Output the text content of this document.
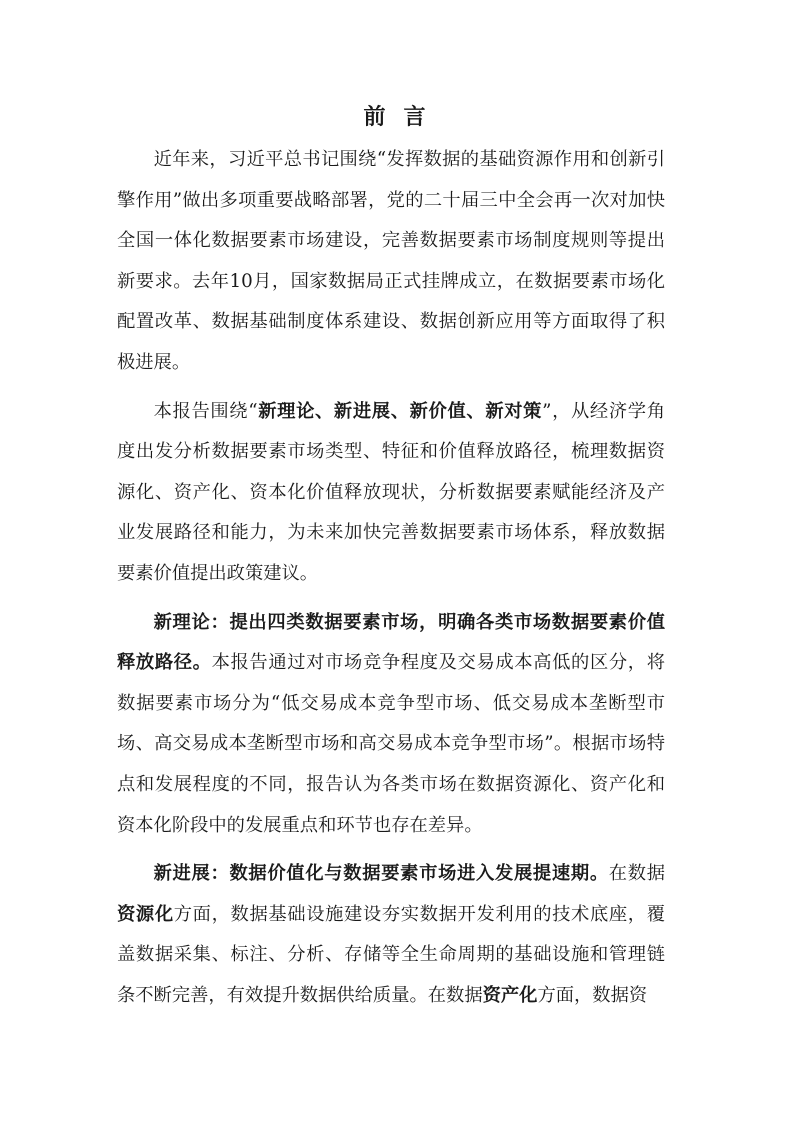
前言

近年来，习近平总书记围绕“发挥数据的基础资源作用和创新引擎作用”做出多项重要战略部署，党的二十届三中全会再一次对加快全国一体化数据要素市场建设，完善数据要素市场制度规则等提出新要求。去年10月，国家数据局正式挂牌成立，在数据要素市场化配置改革、数据基础制度体系建设、数据创新应用等方面取得了积极进展。

本报告围绕“新理论、新进展、新价值、新对策”，从经济学角度出发分析数据要素市场类型、特征和价值释放路径，梳理数据资源化、资产化、资本化价值释放现状，分析数据要素赋能经济及产业发展路径和能力，为未来加快完善数据要素市场体系，释放数据要素价值提出政策建议。

新理论：提出四类数据要素市场，明确各类市场数据要素价值释放路径。本报告通过对市场竞争程度及交易成本高低的区分，将数据要素市场分为“低交易成本竞争型市场、低交易成本垄断型市场、高交易成本垄断型市场和高交易成本竞争型市场”。根据市场特点和发展程度的不同，报告认为各类市场在数据资源化、资产化和资本化阶段中的发展重点和环节也存在差异。

新进展：数据价值化与数据要素市场进入发展提速期。在数据资源化方面，数据基础设施建设夯实数据开发利用的技术底座，覆盖数据采集、标注、分析、存储等全生命周期的基础设施和管理链条不断完善，有效提升数据供给质量。在数据资产化方面，数据资
